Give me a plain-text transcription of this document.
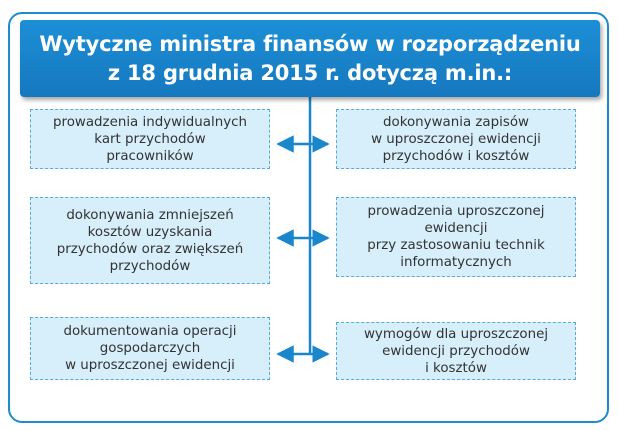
Wytyczne ministra finansów w rozporządzeniu
z 18 grudnia 2015 r. dotyczą m.in.:
prowadzenia indywidualnych
kart przychodów
pracowników
dokonywania zmniejszeń
kosztów uzyskania
przychodów oraz zwiększeń
przychodów
dokumentowania operacji
gospodarczych
w uproszczonej ewidencji
dokonywania zapisów
w uproszczonej ewidencji
przychodów i kosztów
prowadzenia uproszczonej
ewidencji
przy zastosowaniu technik
informatycznych
wymogów dla uproszczonej
ewidencji przychodów
i kosztów
